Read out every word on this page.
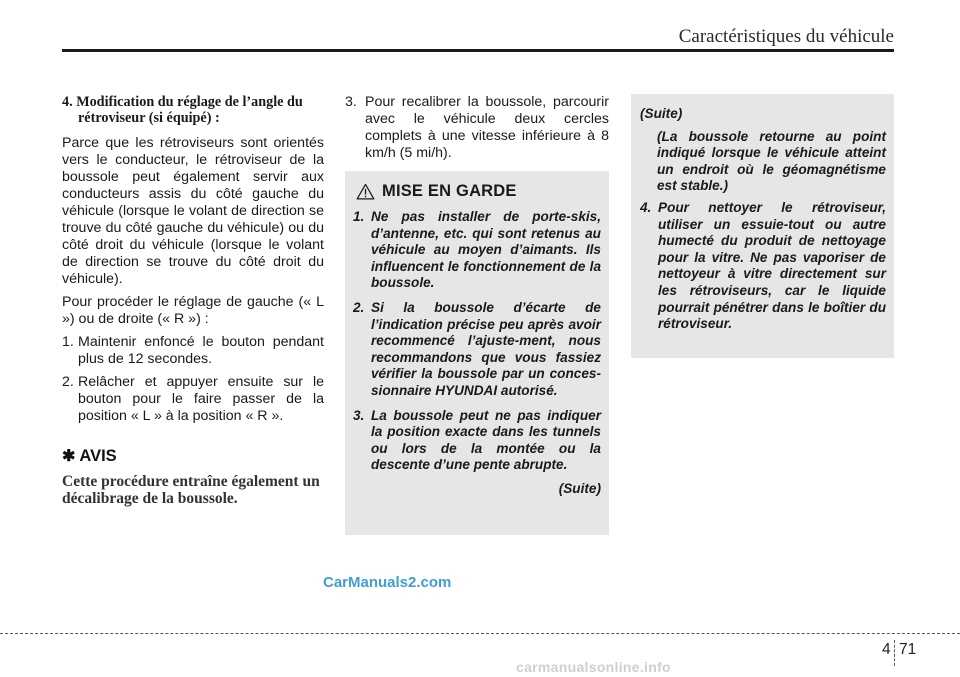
Caractéristiques du véhicule
4. Modification du réglage de l’angle du rétroviseur (si équipé) :

Parce que les rétroviseurs sont orientés vers le conducteur, le rétroviseur de la boussole peut également servir aux conducteurs assis du côté gauche du véhicule (lorsque le volant de direction se trouve du côté gauche du véhicule) ou du côté droit du véhicule (lorsque le volant de direction se trouve du côté droit du véhicule).

Pour procéder le réglage de gauche (« L ») ou de droite (« R ») :

1. Maintenir enfoncé le bouton pendant plus de 12 secondes.
2. Relâcher et appuyer ensuite sur le bouton pour le faire passer de la position « L » à la position « R ».
✱ AVIS
Cette procédure entraîne également un décalibrage de la boussole.
3. Pour recalibrer la boussole, parcourir avec le véhicule deux cercles complets à une vitesse inférieure à 8 km/h (5 mi/h).
MISE EN GARDE
1. Ne pas installer de porte-skis, d’antenne, etc. qui sont retenus au véhicule au moyen d’aimants. Ils influencent le fonctionnement de la boussole.
2. Si la boussole d’écarte de l’indication précise peu après avoir recommencé l’ajuste-ment, nous recommandons que vous fassiez vérifier la boussole par un conces-sionnaire HYUNDAI autorisé.
3. La boussole peut ne pas indiquer la position exacte dans les tunnels ou lors de la montée ou la descente d’une pente abrupte.
(Suite)
(Suite)
(La boussole retourne au point indiqué lorsque le véhicule atteint un endroit où le géomagnétisme est stable.)
4. Pour nettoyer le rétroviseur, utiliser un essuie-tout ou autre humecté du produit de nettoyage pour la vitre. Ne pas vaporiser de nettoyeur à vitre directement sur les rétroviseurs, car le liquide pourrait pénétrer dans le boîtier du rétroviseur.
CarManuals2.com
4 71
carmanualsonline.info
